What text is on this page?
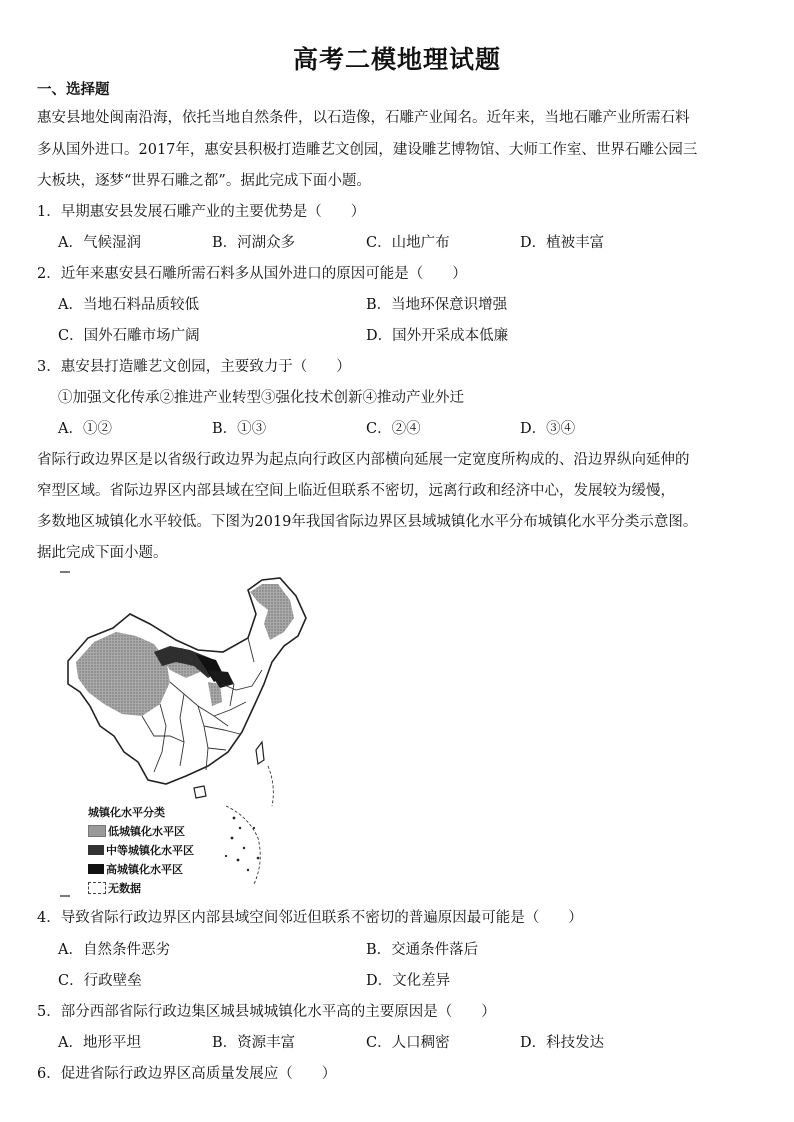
高考二模地理试题
一、选择题
惠安县地处闽南沿海，依托当地自然条件，以石造像，石雕产业闻名。近年来，当地石雕产业所需石料
多从国外进口。2017年，惠安县积极打造雕艺文创园，建设雕艺博物馆、大师工作室、世界石雕公园三
大板块，逐梦“世界石雕之都”。据此完成下面小题。
1．早期惠安县发展石雕产业的主要优势是（　　）
A．气候湿润	B．河湖众多	C．山地广布	D．植被丰富
2．近年来惠安县石雕所需石料多从国外进口的原因可能是（　　）
A．当地石料品质较低	B．当地环保意识增强
C．国外石雕市场广阔	D．国外开采成本低廉
3．惠安县打造雕艺文创园，主要致力于（　　）
①加强文化传承②推进产业转型③强化技术创新④推动产业外迁
A．①②	B．①③	C．②④	D．③④
省际行政边界区是以省级行政边界为起点向行政区内部横向延展一定宽度所构成的、沿边界纵向延伸的
窄型区域。省际边界区内部县域在空间上临近但联系不密切，远离行政和经济中心，发展较为缓慢，
多数地区城镇化水平较低。下图为2019年我国省际边界区县域城镇化水平分布城镇化水平分类示意图。
据此完成下面小题。
城镇化水平分类
低城镇化水平区
中等城镇化水平区
高城镇化水平区
无数据
4．导致省际行政边界区内部县域空间邻近但联系不密切的普遍原因最可能是（　　）
A．自然条件恶劣	B．交通条件落后
C．行政壁垒	D．文化差异
5．部分西部省际行政边集区城县城城镇化水平高的主要原因是（　　）
A．地形平坦	B．资源丰富	C．人口稠密	D．科技发达
6．促进省际行政边界区高质量发展应（　　）
